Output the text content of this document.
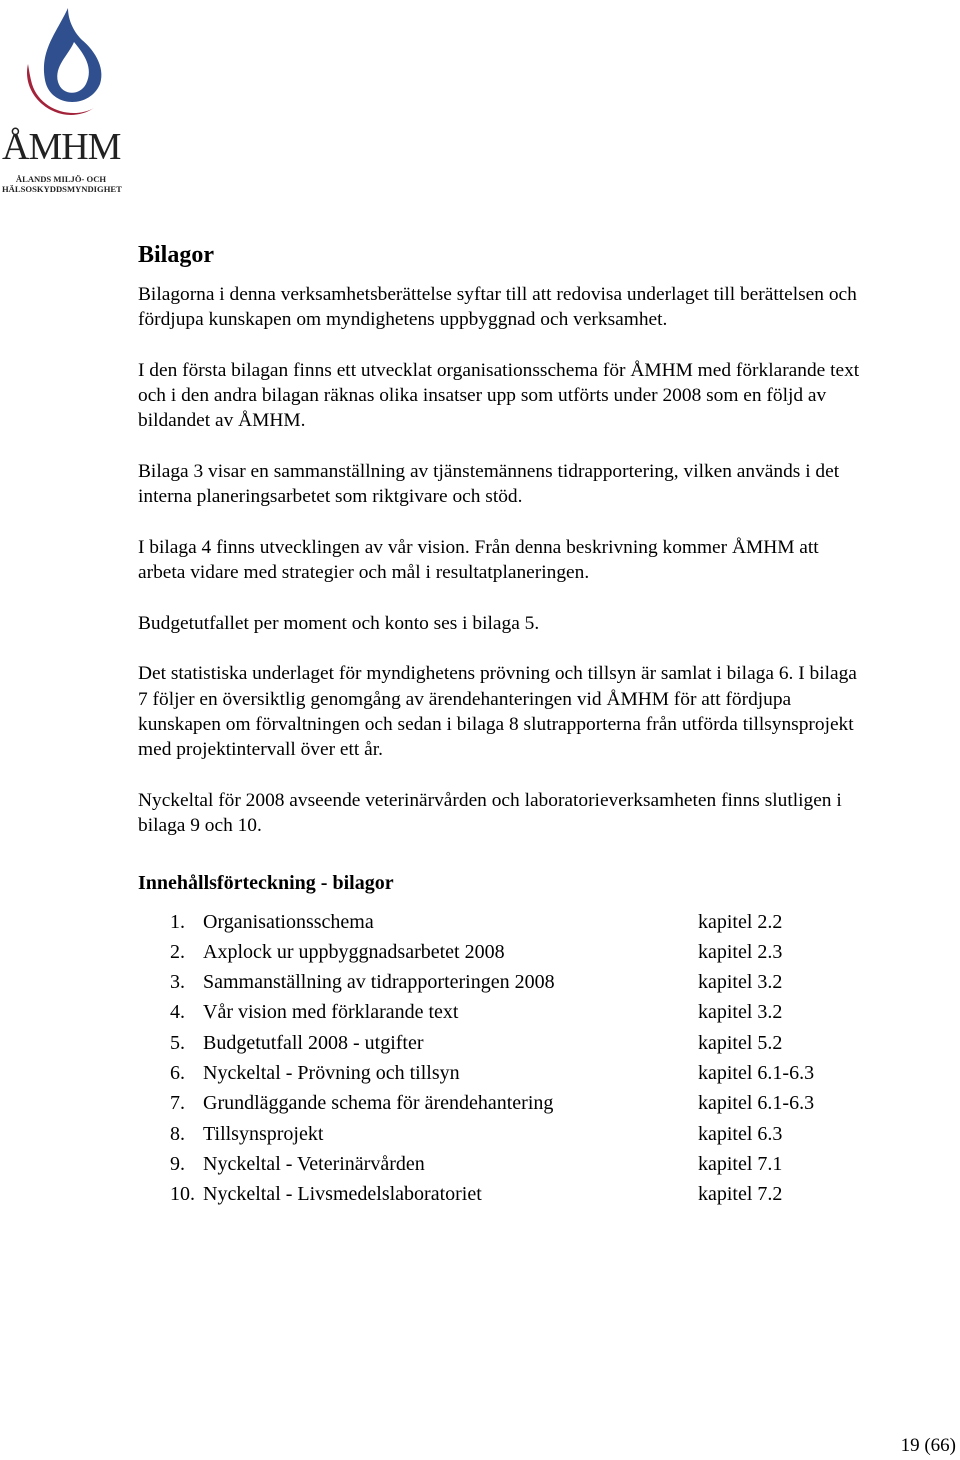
ÅMHM
ÅLANDS MILJÖ- OCH
HÄLSOSKYDDSMYNDIGHET
Bilagor

Bilagorna i denna verksamhetsberättelse syftar till att redovisa underlaget till berättelsen och fördjupa kunskapen om myndighetens uppbyggnad och verksamhet.

I den första bilagan finns ett utvecklat organisationsschema för ÅMHM med förklarande text och i den andra bilagan räknas olika insatser upp som utförts under 2008 som en följd av bildandet av ÅMHM.

Bilaga 3 visar en sammanställning av tjänstemännens tidrapportering, vilken används i det interna planeringsarbetet som riktgivare och stöd.

I bilaga 4 finns utvecklingen av vår vision. Från denna beskrivning kommer ÅMHM att arbeta vidare med strategier och mål i resultatplaneringen.

Budgetutfallet per moment och konto ses i bilaga 5.

Det statistiska underlaget för myndighetens prövning och tillsyn är samlat i bilaga 6. I bilaga 7 följer en översiktlig genomgång av ärendehanteringen vid ÅMHM för att fördjupa kunskapen om förvaltningen och sedan i bilaga 8 slutrapporterna från utförda tillsynsprojekt med projektintervall över ett år.

Nyckeltal för 2008 avseende veterinärvården och laboratorieverksamheten finns slutligen i bilaga 9 och 10.

Innehållsförteckning - bilagor
1. Organisationsschema	kapitel 2.2
2. Axplock ur uppbyggnadsarbetet 2008	kapitel 2.3
3. Sammanställning av tidrapporteringen 2008	kapitel 3.2
4. Vår vision med förklarande text	kapitel 3.2
5. Budgetutfall 2008 - utgifter	kapitel 5.2
6. Nyckeltal - Prövning och tillsyn	kapitel 6.1-6.3
7. Grundläggande schema för ärendehantering	kapitel 6.1-6.3
8. Tillsynsprojekt	kapitel 6.3
9. Nyckeltal - Veterinärvården	kapitel 7.1
10. Nyckeltal - Livsmedelslaboratoriet	kapitel 7.2
19 (66)
